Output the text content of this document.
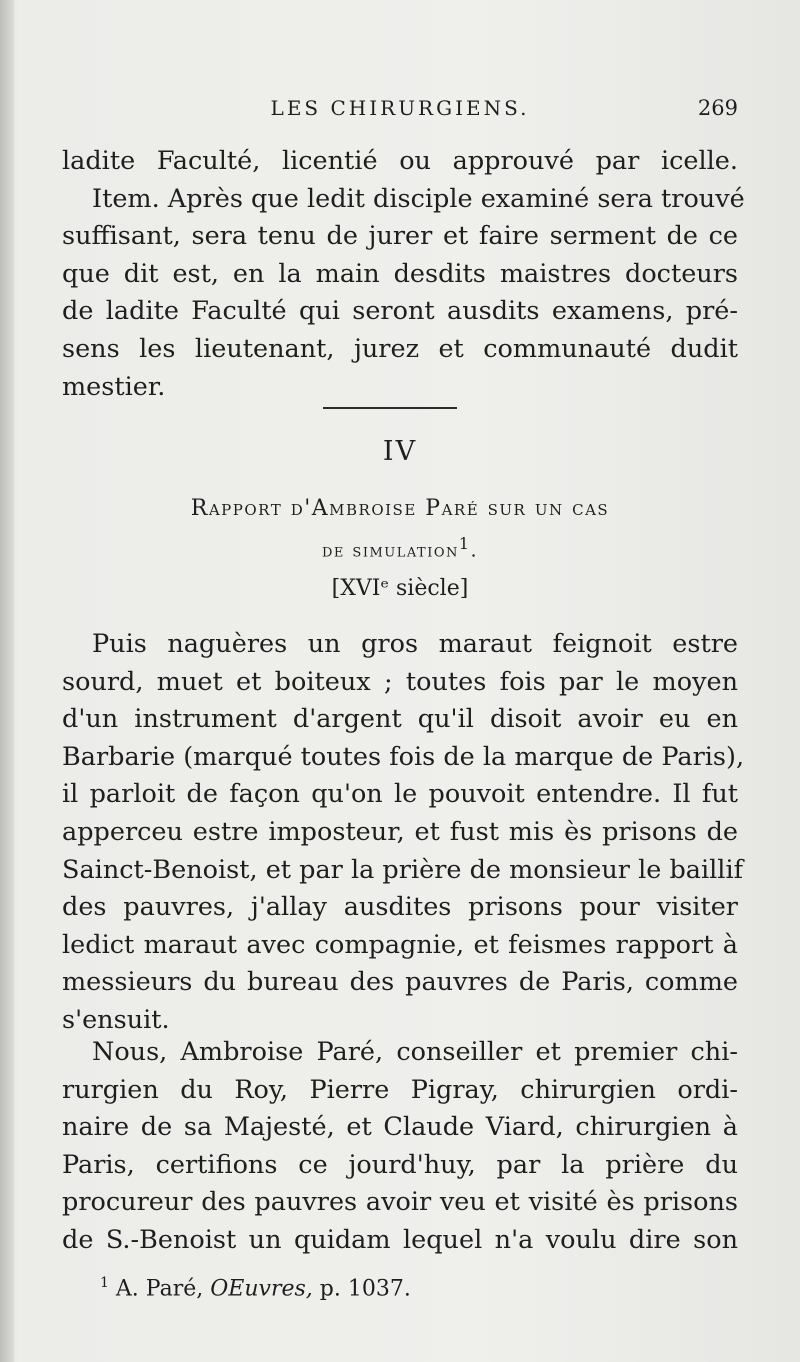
LES CHIRURGIENS.	269
ladite Faculté, licentié ou approuvé par icelle.
Item. Après que ledit disciple examiné sera trouvé
suffisant, sera tenu de jurer et faire serment de ce
que dit est, en la main desdits maistres docteurs
de ladite Faculté qui seront ausdits examens, pré-
sens les lieutenant, jurez et communauté dudit
mestier.
IV
Rapport d'Ambroise Paré sur un cas
de simulation$^1$.
[XVIᵉ siècle]
Puis naguères un gros maraut feignoit estre
sourd, muet et boiteux ; toutes fois par le moyen
d'un instrument d'argent qu'il disoit avoir eu en
Barbarie (marqué toutes fois de la marque de Paris),
il parloit de façon qu'on le pouvoit entendre. Il fut
apperceu estre imposteur, et fust mis ès prisons de
Sainct-Benoist, et par la prière de monsieur le baillif
des pauvres, j'allay ausdites prisons pour visiter
ledict maraut avec compagnie, et feismes rapport à
messieurs du bureau des pauvres de Paris, comme
s'ensuit.
Nous, Ambroise Paré, conseiller et premier chi-
rurgien du Roy, Pierre Pigray, chirurgien ordi-
naire de sa Majesté, et Claude Viard, chirurgien à
Paris, certifions ce jourd'huy, par la prière du
procureur des pauvres avoir veu et visité ès prisons
de S.-Benoist un quidam lequel n'a voulu dire son
$^1$ A. Paré, OEuvres, p. 1037.
